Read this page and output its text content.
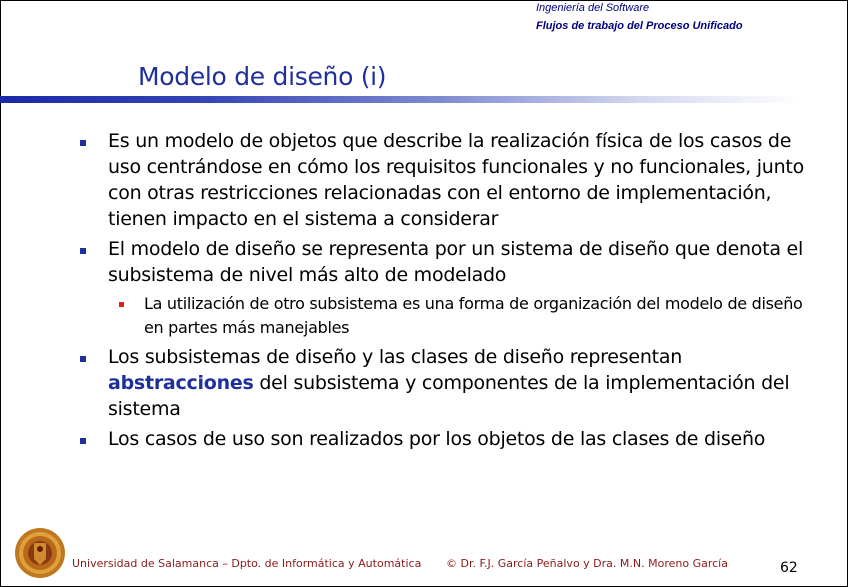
Ingeniería del Software
Flujos de trabajo del Proceso Unificado
Modelo de diseño (i)
Es un modelo de objetos que describe la realización física de los casos de uso centrándose en cómo los requisitos funcionales y no funcionales, junto con otras restricciones relacionadas con el entorno de implementación, tienen impacto en el sistema a considerar
El modelo de diseño se representa por un sistema de diseño que denota el subsistema de nivel más alto de modelado
La utilización de otro subsistema es una forma de organización del modelo de diseño en partes más manejables
Los subsistemas de diseño y las clases de diseño representan abstracciones del subsistema y componentes de la implementación del sistema
Los casos de uso son realizados por los objetos de las clases de diseño
Universidad de Salamanca – Dpto. de Informática y Automática © Dr. F.J. García Peñalvo y Dra. M.N. Moreno García	62
